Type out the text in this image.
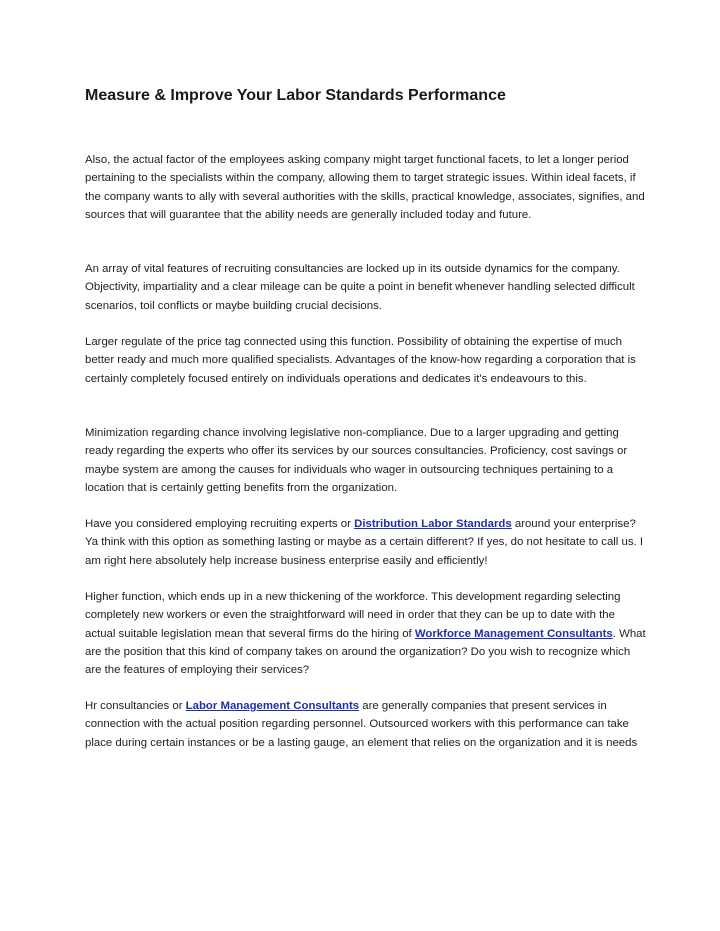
Measure & Improve Your Labor Standards Performance

Also, the actual factor of the employees asking company might target functional facets, to let a longer period pertaining to the specialists within the company, allowing them to target strategic issues. Within ideal facets, if the company wants to ally with several authorities with the skills, practical knowledge, associates, signifies, and sources that will guarantee that the ability needs are generally included today and future.

An array of vital features of recruiting consultancies are locked up in its outside dynamics for the company. Objectivity, impartiality and a clear mileage can be quite a point in benefit whenever handling selected difficult scenarios, toil conflicts or maybe building crucial decisions.

Larger regulate of the price tag connected using this function. Possibility of obtaining the expertise of much better ready and much more qualified specialists. Advantages of the know-how regarding a corporation that is certainly completely focused entirely on individuals operations and dedicates it's endeavours to this.

Minimization regarding chance involving legislative non-compliance. Due to a larger upgrading and getting ready regarding the experts who offer its services by our sources consultancies. Proficiency, cost savings or maybe system are among the causes for individuals who wager in outsourcing techniques pertaining to a location that is certainly getting benefits from the organization.

Have you considered employing recruiting experts or Distribution Labor Standards around your enterprise? Ya think with this option as something lasting or maybe as a certain different? If yes, do not hesitate to call us. I am right here absolutely help increase business enterprise easily and efficiently!

Higher function, which ends up in a new thickening of the workforce. This development regarding selecting completely new workers or even the straightforward will need in order that they can be up to date with the actual suitable legislation mean that several firms do the hiring of Workforce Management Consultants. What are the position that this kind of company takes on around the organization? Do you wish to recognize which are the features of employing their services?

Hr consultancies or Labor Management Consultants are generally companies that present services in connection with the actual position regarding personnel. Outsourced workers with this performance can take place during certain instances or be a lasting gauge, an element that relies on the organization and it is needs
